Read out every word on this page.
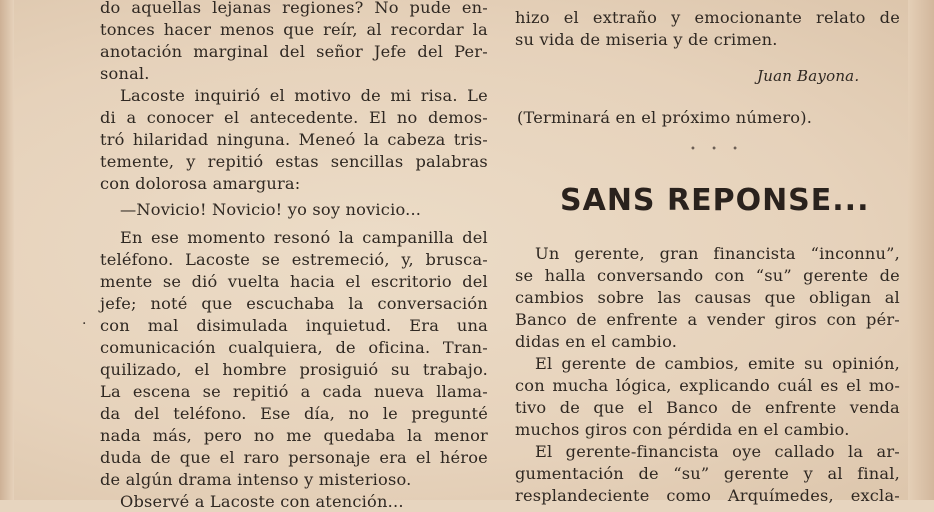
·
do aquellas lejanas regiones? No pude en-
tonces hacer menos que reír, al recordar la
anotación marginal del señor Jefe del Per-
sonal.
Lacoste inquirió el motivo de mi risa. Le
di a conocer el antecedente. El no demos-
tró hilaridad ninguna. Meneó la cabeza tris-
temente, y repitió estas sencillas palabras
con dolorosa amargura:
—Novicio! Novicio! yo soy novicio...
En ese momento resonó la campanilla del
teléfono. Lacoste se estremeció, y, brusca-
mente se dió vuelta hacia el escritorio del
jefe; noté que escuchaba la conversación
con mal disimulada inquietud. Era una
comunicación cualquiera, de oficina. Tran-
quilizado, el hombre prosiguió su trabajo.
La escena se repitió a cada nueva llama-
da del teléfono. Ese día, no le pregunté
nada más, pero no me quedaba la menor
duda de que el raro personaje era el héroe
de algún drama intenso y misterioso.
Observé a Lacoste con atención...
hizo el extraño y emocionante relato de
su vida de miseria y de crimen.
Juan Bayona.
(Terminará en el próximo número).
Un gerente, gran financista “inconnu”,
se halla conversando con “su” gerente de
cambios sobre las causas que obligan al
Banco de enfrente a vender giros con pér-
didas en el cambio.
El gerente de cambios, emite su opinión,
con mucha lógica, explicando cuál es el mo-
tivo de que el Banco de enfrente venda
muchos giros con pérdida en el cambio.
El gerente-financista oye callado la ar-
gumentación de “su” gerente y al final,
resplandeciente como Arquímedes, excla-
• • •
SANS REPONSE...
